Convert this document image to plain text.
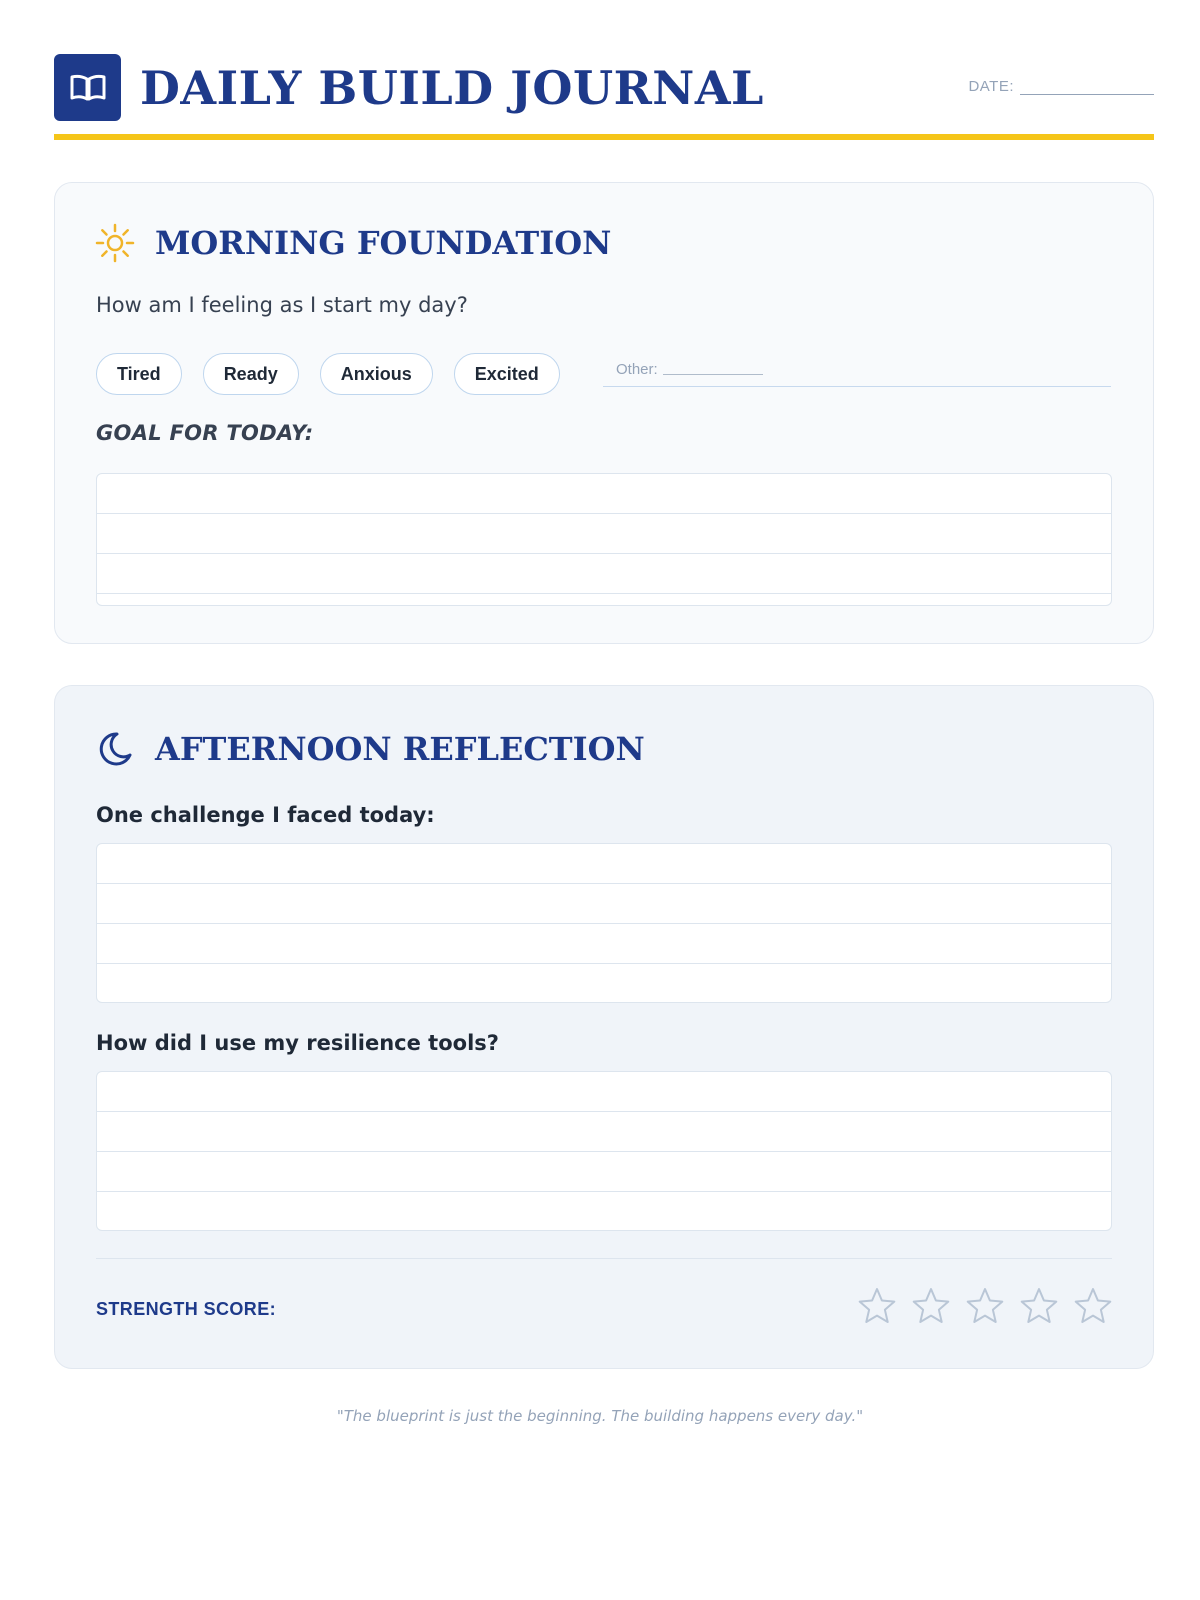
DAILY BUILD JOURNAL	DATE:
MORNING FOUNDATION
How am I feeling as I start my day?
Tired	Ready	Anxious	Excited	Other:
GOAL FOR TODAY:
AFTERNOON REFLECTION
One challenge I faced today:
How did I use my resilience tools?
STRENGTH SCORE:
"The blueprint is just the beginning. The building happens every day."
